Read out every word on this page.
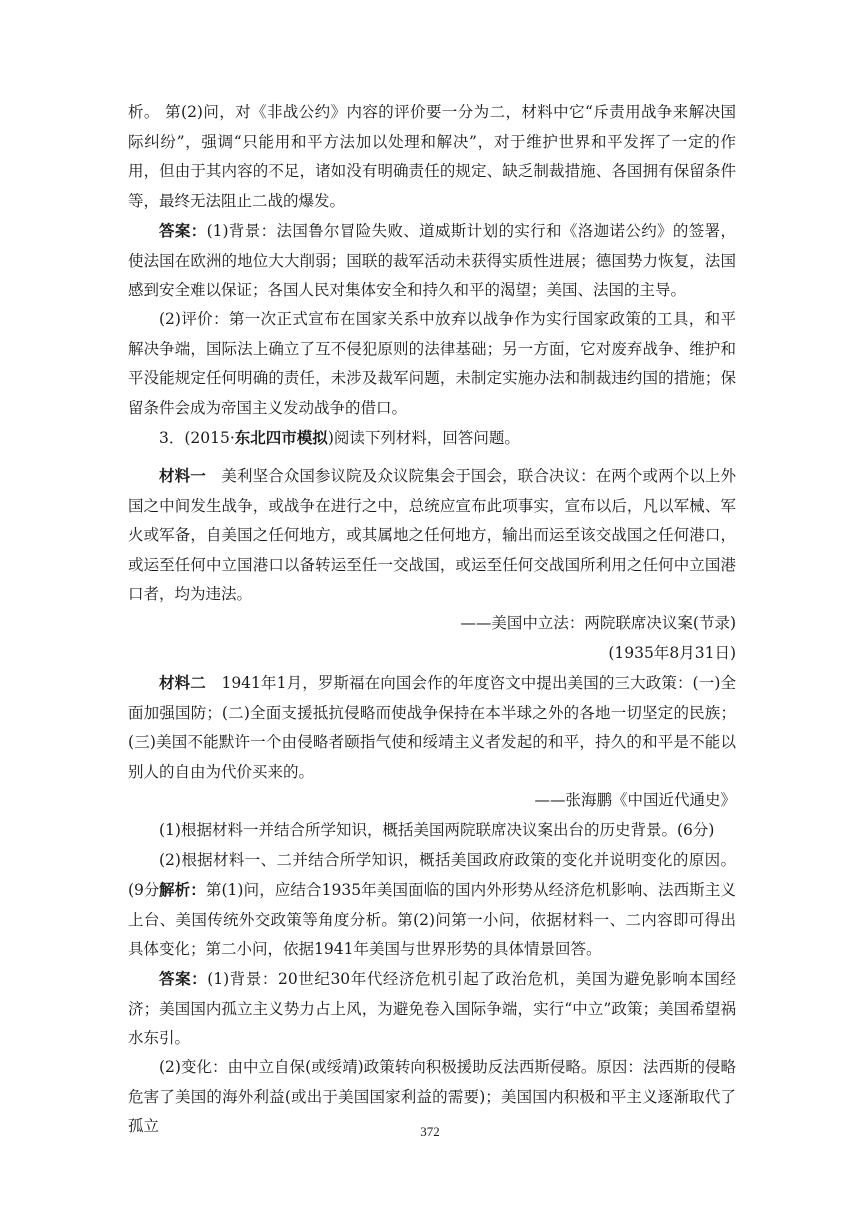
析。 第(2)问，对《非战公约》内容的评价要一分为二，材料中它“斥责用战争来解决国际纠纷”，强调“只能用和平方法加以处理和解决”，对于维护世界和平发挥了一定的作用，但由于其内容的不足，诸如没有明确责任的规定、缺乏制裁措施、各国拥有保留条件等，最终无法阻止二战的爆发。
答案：(1)背景：法国鲁尔冒险失败、道威斯计划的实行和《洛迦诺公约》的签署，使法国在欧洲的地位大大削弱；国联的裁军活动未获得实质性进展；德国势力恢复，法国感到安全难以保证；各国人民对集体安全和持久和平的渴望；美国、法国的主导。
(2)评价：第一次正式宣布在国家关系中放弃以战争作为实行国家政策的工具，和平解决争端，国际法上确立了互不侵犯原则的法律基础；另一方面，它对废弃战争、维护和平没能规定任何明确的责任，未涉及裁军问题，未制定实施办法和制裁违约国的措施；保留条件会成为帝国主义发动战争的借口。
3．(2015·东北四市模拟)阅读下列材料，回答问题。
材料一　美利坚合众国参议院及众议院集会于国会，联合决议：在两个或两个以上外国之中间发生战争，或战争在进行之中，总统应宣布此项事实，宣布以后，凡以军械、军火或军备，自美国之任何地方，或其属地之任何地方，输出而运至该交战国之任何港口，或运至任何中立国港口以备转运至任一交战国，或运至任何交战国所利用之任何中立国港口者，均为违法。
——美国中立法：两院联席决议案(节录)
(1935年8月31日)
材料二　1941年1月，罗斯福在向国会作的年度咨文中提出美国的三大政策：(一)全面加强国防；(二)全面支援抵抗侵略而使战争保持在本半球之外的各地一切坚定的民族；(三)美国不能默许一个由侵略者颐指气使和绥靖主义者发起的和平，持久的和平是不能以别人的自由为代价买来的。
——张海鹏《中国近代通史》
(1)根据材料一并结合所学知识，概括美国两院联席决议案出台的历史背景。(6分)
(2)根据材料一、二并结合所学知识，概括美国政府政策的变化并说明变化的原因。(9分)
解析：第(1)问，应结合1935年美国面临的国内外形势从经济危机影响、法西斯主义上台、美国传统外交政策等角度分析。第(2)问第一小问，依据材料一、二内容即可得出具体变化；第二小问，依据1941年美国与世界形势的具体情景回答。
答案：(1)背景：20世纪30年代经济危机引起了政治危机，美国为避免影响本国经济；美国国内孤立主义势力占上风，为避免卷入国际争端，实行“中立”政策；美国希望祸水东引。
(2)变化：由中立自保(或绥靖)政策转向积极援助反法西斯侵略。原因：法西斯的侵略危害了美国的海外利益(或出于美国国家利益的需要)；美国国内积极和平主义逐渐取代了孤立	372
